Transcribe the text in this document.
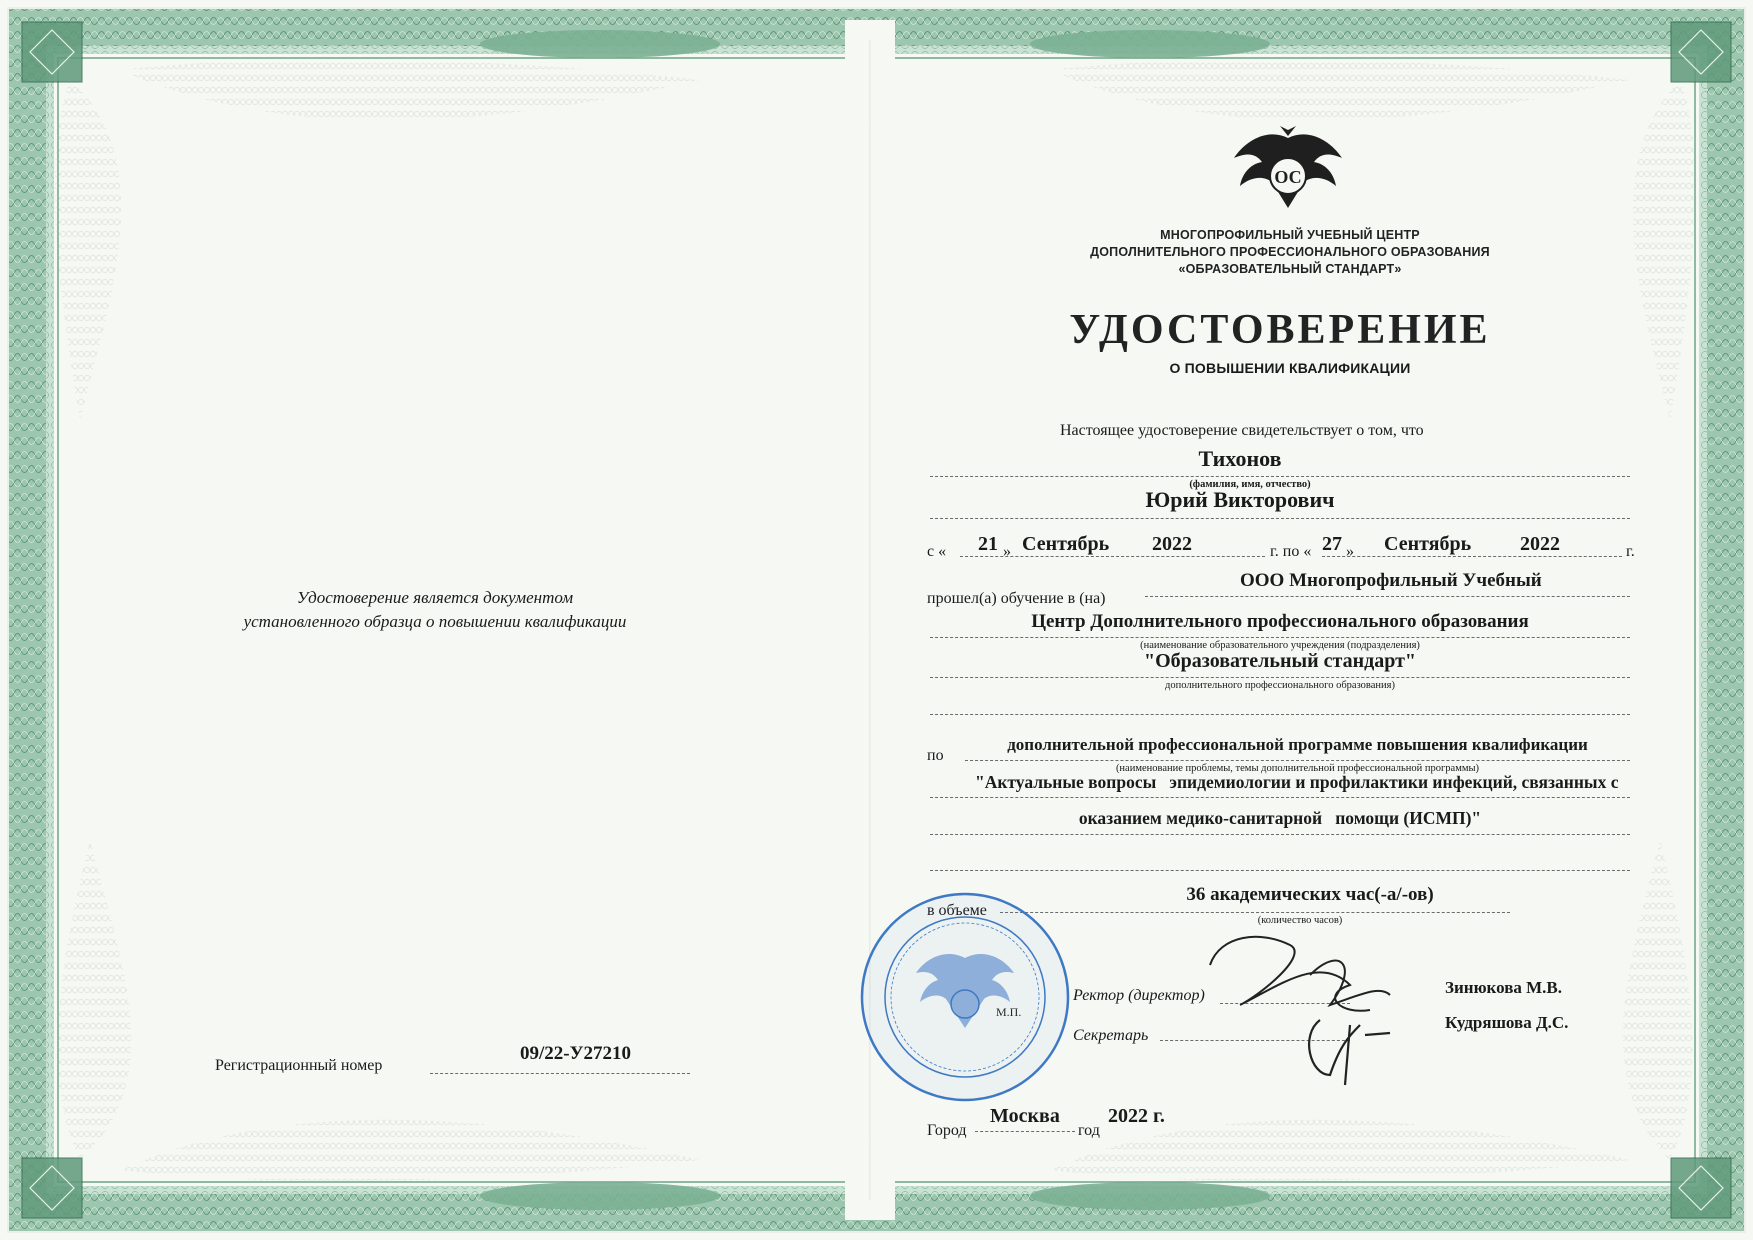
Удостоверение является документом
установленного образца о повышении квалификации
Регистрационный номер
09/22-У27210
ОС
МНОГОПРОФИЛЬНЫЙ УЧЕБНЫЙ ЦЕНТР
ДОПОЛНИТЕЛЬНОГО ПРОФЕССИОНАЛЬНОГО ОБРАЗОВАНИЯ
«ОБРАЗОВАТЕЛЬНЫЙ СТАНДАРТ»
УДОСТОВЕРЕНИЕ
О ПОВЫШЕНИИ КВАЛИФИКАЦИИ
Настоящее удостоверение свидетельствует о том, что
Тихонов
(фамилия, имя, отчество)
Юрий Викторович
с « 21 » Сентябрь 2022	г. по « 27 » Сентябрь 2022	г.
прошел(а) обучение в (на)
ООО Многопрофильный Учебный
Центр Дополнительного профессионального образования
(наименование образовательного учреждения (подразделения)
"Образовательный стандарт"
дополнительного профессионального образования)
по
дополнительной профессиональной программе повышения квалификации
(наименование проблемы, темы дополнительной профессиональной программы)
"Актуальные вопросы   эпидемиологии и профилактики инфекций, связанных с
оказанием медико-санитарной   помощи (ИСМП)"
36 академических час(-а/-ов)
(количество часов)
Ректор (директор)	Зинюкова М.В.
Секретарь
Кудряшова Д.С.
М.П.
Город
Москва
год
2022 г.
